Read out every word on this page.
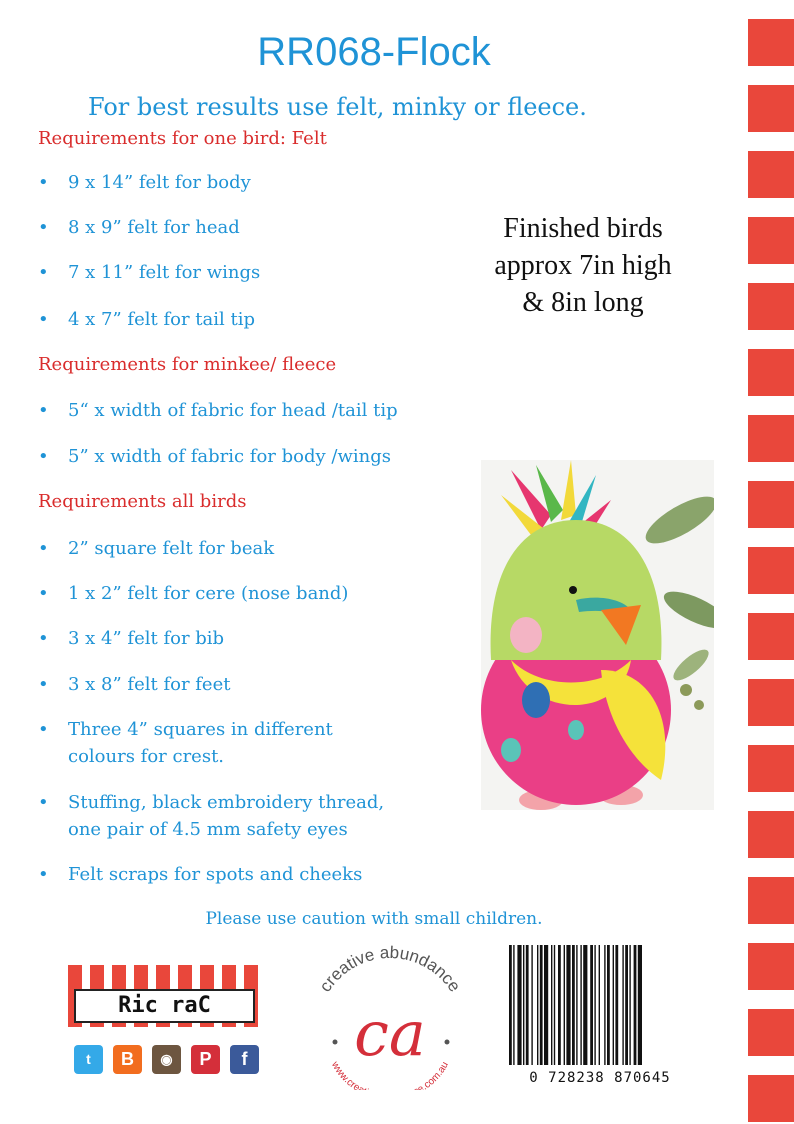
RR068-Flock
For best results use felt, minky or fleece.
Requirements for one bird: Felt
• 9 x 14” felt for body
• 8 x 9” felt for head
• 7 x 11” felt for wings
• 4 x 7” felt for tail tip
Requirements for minkee/ fleece
• 5“ x width of fabric for head /tail tip
• 5” x width of fabric for body /wings
Requirements all birds
• 2” square felt for beak
• 1 x 2” felt for cere (nose band)
• 3 x 4” felt for bib
• 3 x 8” felt for feet
• Three 4” squares in different
colours for crest.
• Stuffing, black embroidery thread,
one pair of 4.5 mm safety eyes
• Felt scraps for spots and cheeks
Finished birds
approx 7in high
& 8in long
Please use caution with small children.
Ric raC
t	B	◉	P	f
creative abundance
www.cre e.com.au
ca
0 728238 870645
